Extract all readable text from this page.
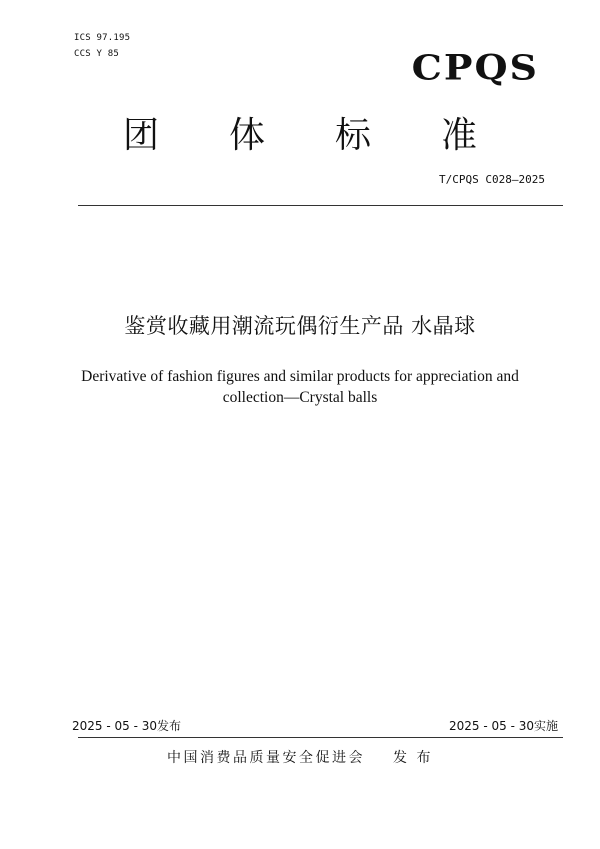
ICS 97.195
CCS Y 85	CPQS
团 体 标 准
T/CPQS C028—2025
鉴赏收藏用潮流玩偶衍生产品 水晶球
Derivative of fashion figures and similar products for appreciation and collection—Crystal balls
2025 - 05 - 30发布	2025 - 05 - 30实施
中国消费品质量安全促进会 发 布
